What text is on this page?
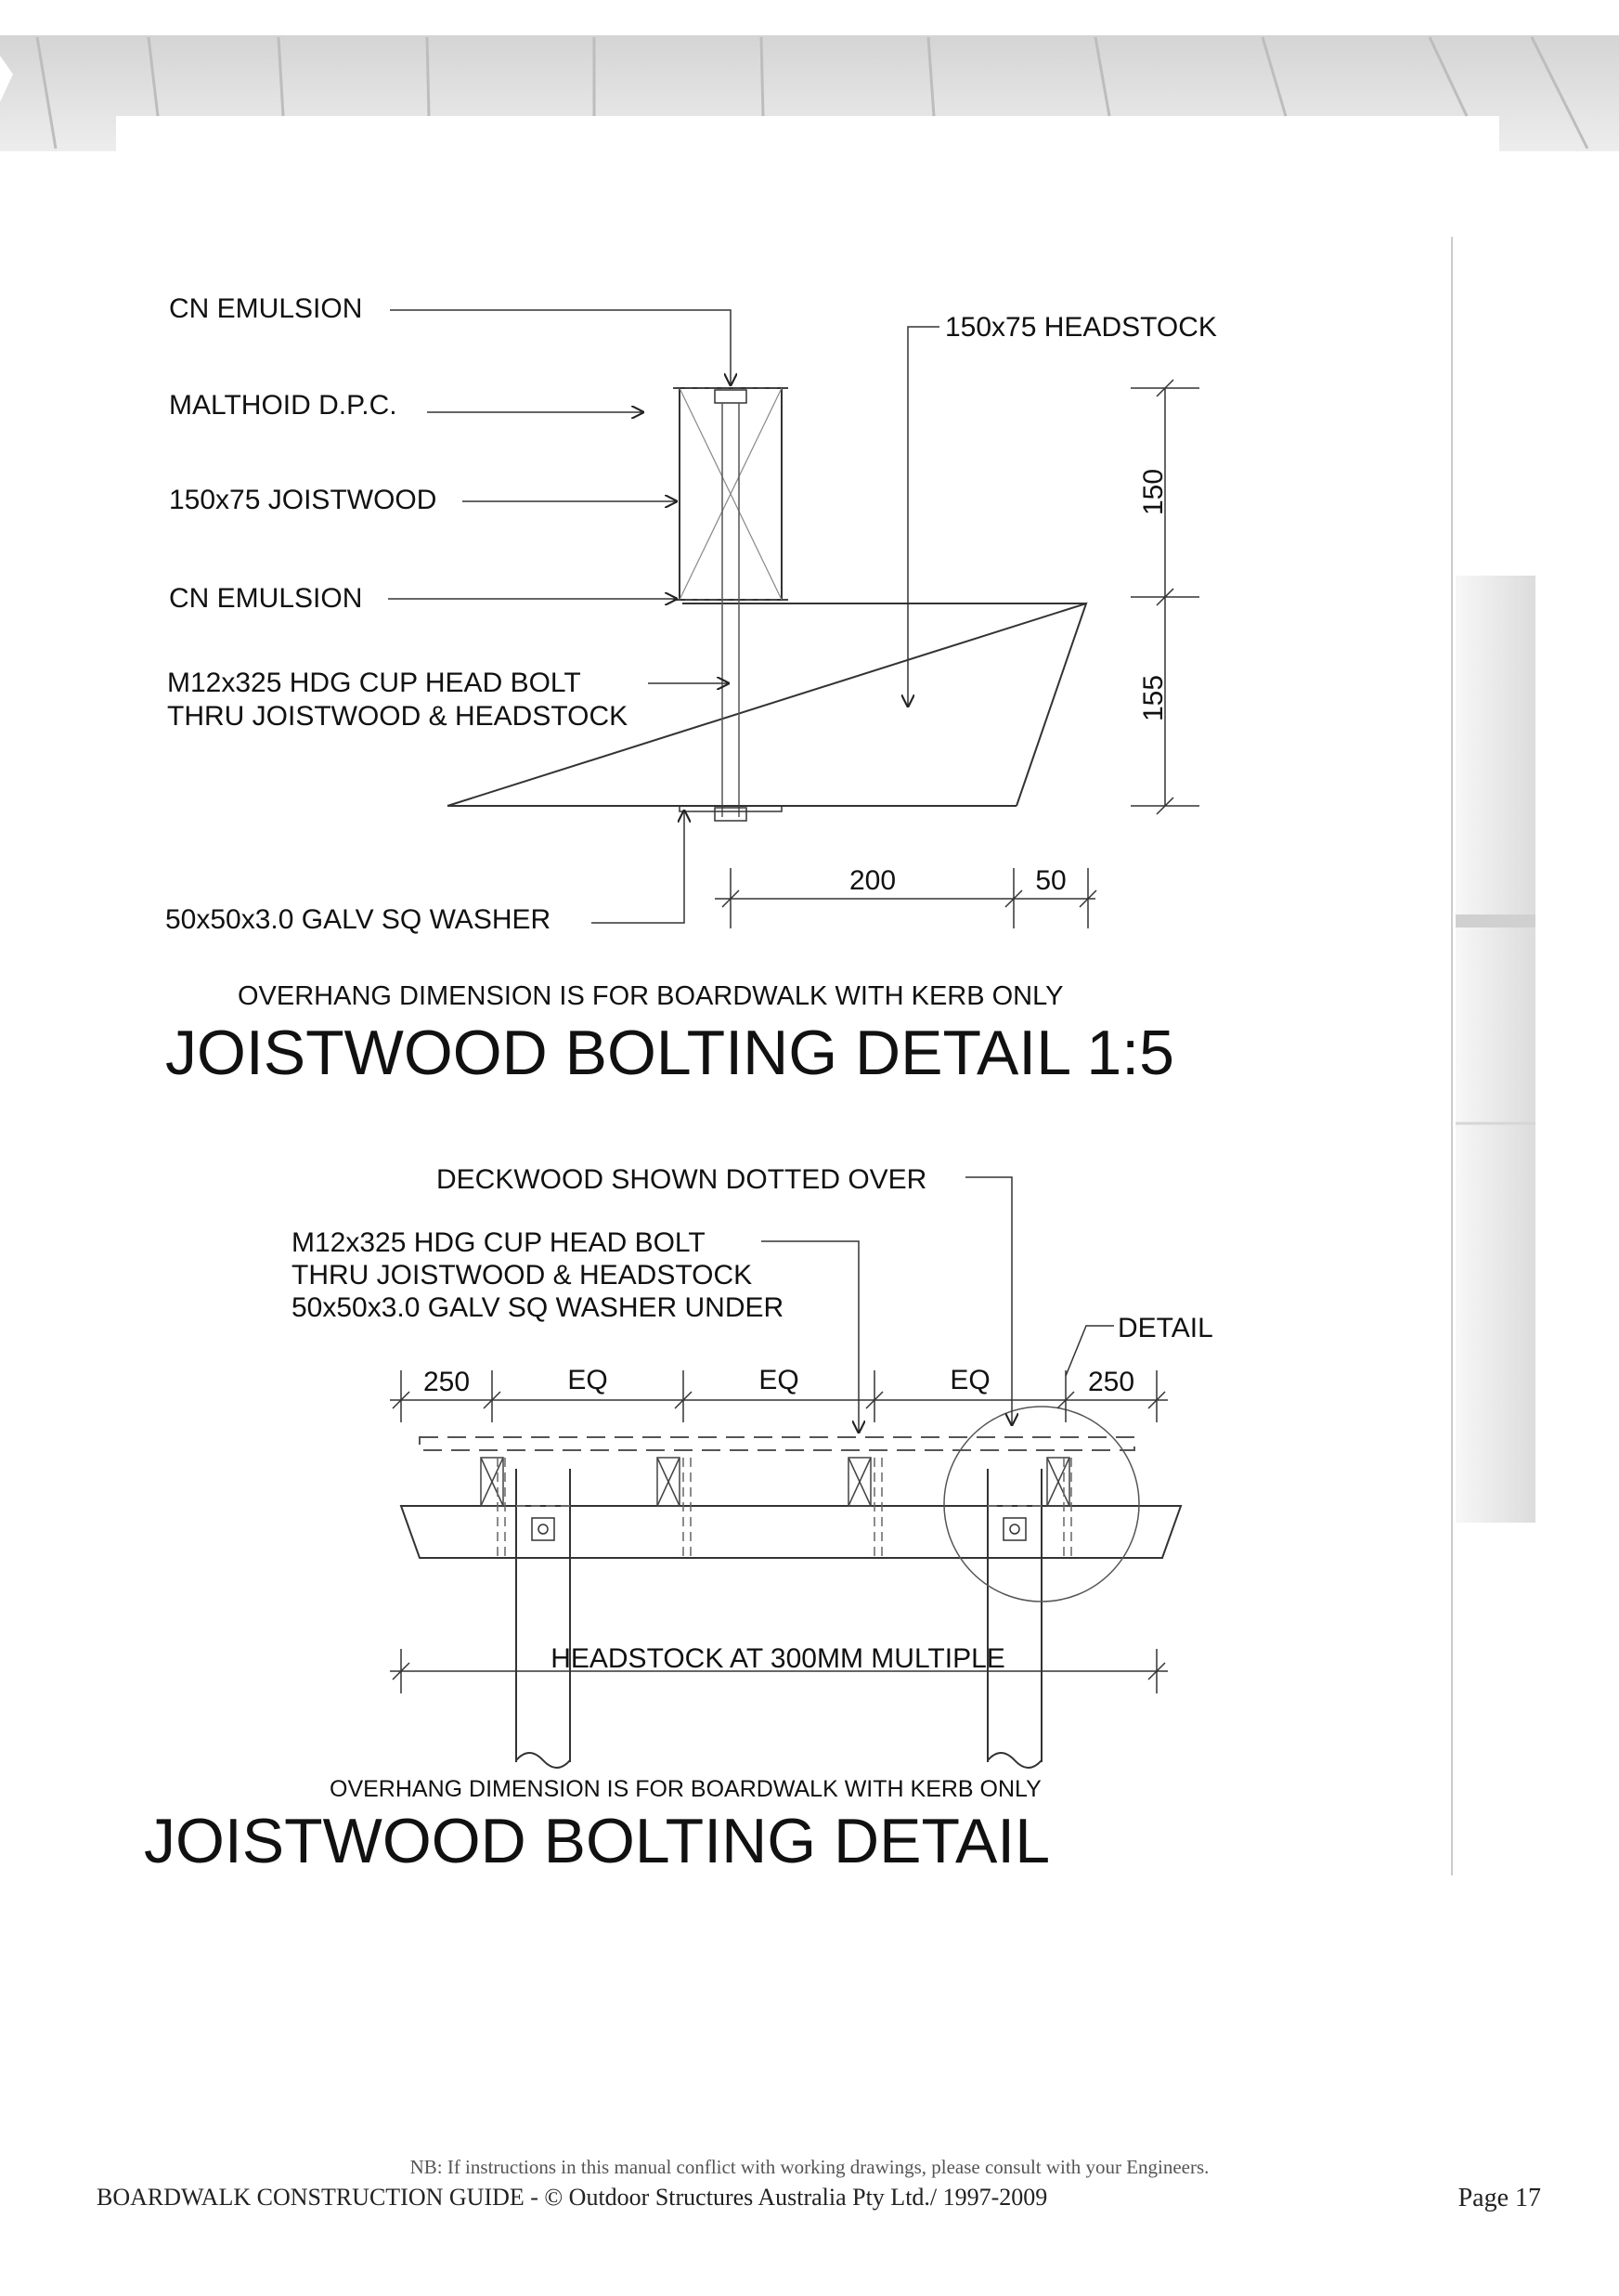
CN EMULSION
MALTHOID D.P.C.
150x75 JOISTWOOD
CN EMULSION
M12x325 HDG CUP HEAD BOLT
THRU JOISTWOOD & HEADSTOCK
50x50x3.0 GALV SQ WASHER
150x75 HEADSTOCK
150
155
200	50
OVERHANG DIMENSION IS FOR BOARDWALK WITH KERB ONLY
JOISTWOOD BOLTING DETAIL 1:5
DECKWOOD SHOWN DOTTED OVER
M12x325 HDG CUP HEAD BOLT
THRU JOISTWOOD & HEADSTOCK
50x50x3.0 GALV SQ WASHER UNDER
DETAIL
250	EQ	EQ	EQ	250
HEADSTOCK AT 300MM MULTIPLE
OVERHANG DIMENSION IS FOR BOARDWALK WITH KERB ONLY
JOISTWOOD BOLTING DETAIL
NB: If instructions in this manual conflict with working drawings, please consult with your Engineers.
BOARDWALK CONSTRUCTION GUIDE - © Outdoor Structures Australia Pty Ltd./ 1997-2009	Page 17
